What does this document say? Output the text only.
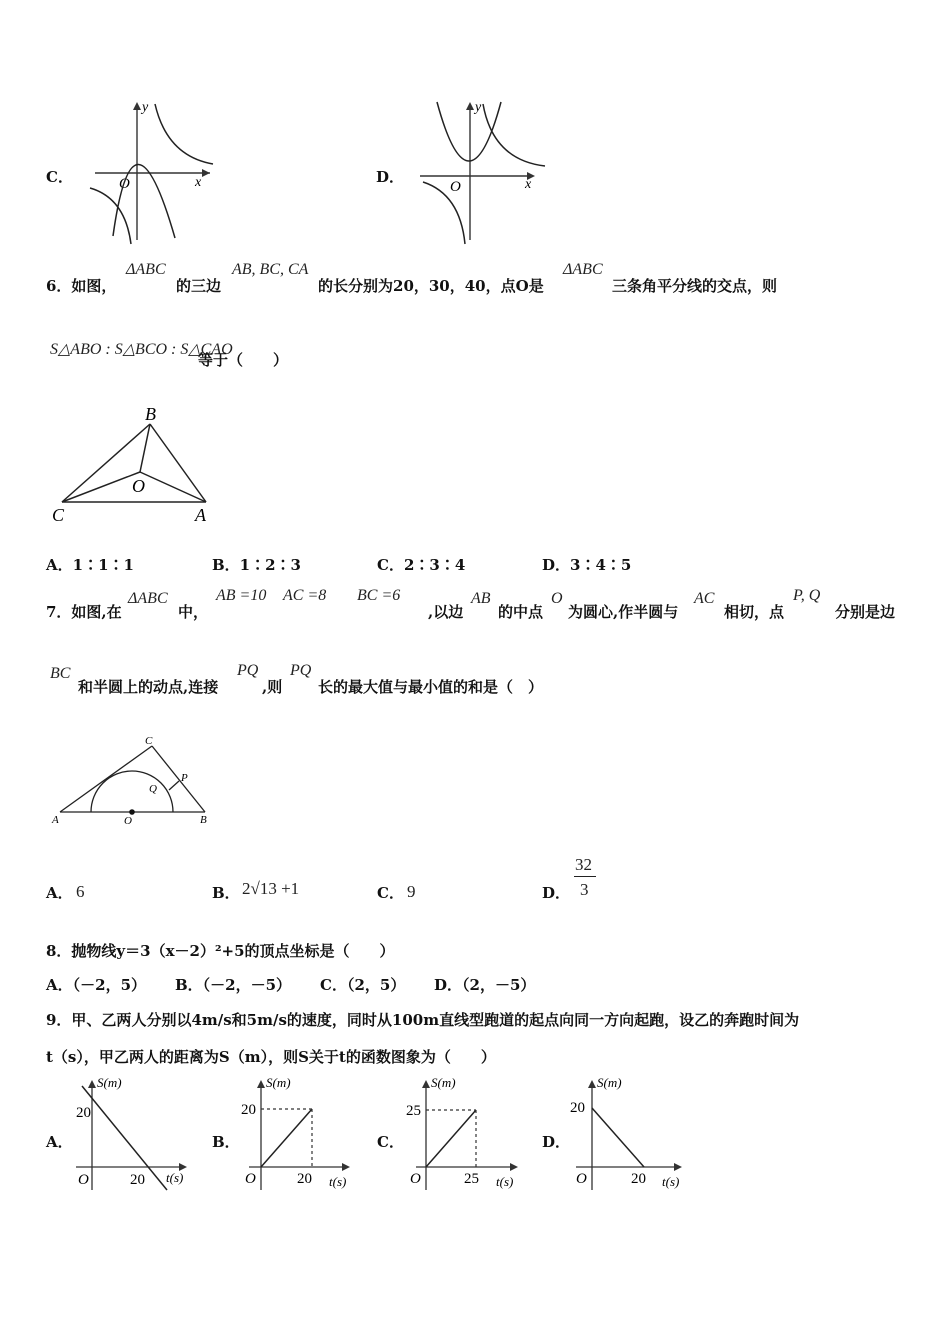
C．
y
x
O	D．
y
x
O
6．如图，
ΔABC
的三边
AB, BC, CA
的长分别为20，30，40，点O是
ΔABC
三条角平分线的交点，则
S△ABO : S△BCO : S△CAO
等于（　　）
B
O
C	A
A．1∶1∶1	B．1∶2∶3	C．2∶3∶4	D．3∶4∶5
7．如图,在
ΔABC
中，
AB =10 AC =8 BC =6
,以边
AB
的中点
O
为圆心,作半圆与
AC
相切，点
P, Q
分别是边
BC
和半圆上的动点,连接
PQ
,则
PQ
长的最大值与最小值的和是（　）
C
P
Q
A	O	B
A． 6	B． 2√13 +1	C． 9	D．
32
3
8．抛物线y＝3（x－2）²+5的顶点坐标是（　　）
A．（－2，5） B．（－2，－5） C．（2，5） D．（2，－5）
9．甲、乙两人分别以4m/s和5m/s的速度，同时从100m直线型跑道的起点向同一方向起跑，设乙的奔跑时间为
t（s），甲乙两人的距离为S（m），则S关于t的函数图象为（　　）
A．
S(m)
t(s)
20
O	20
B．
S(m)
t(s)
20
O	20
C．
S(m)
t(s)
25
O	25
D．
S(m)
t(s)
20
O	20
